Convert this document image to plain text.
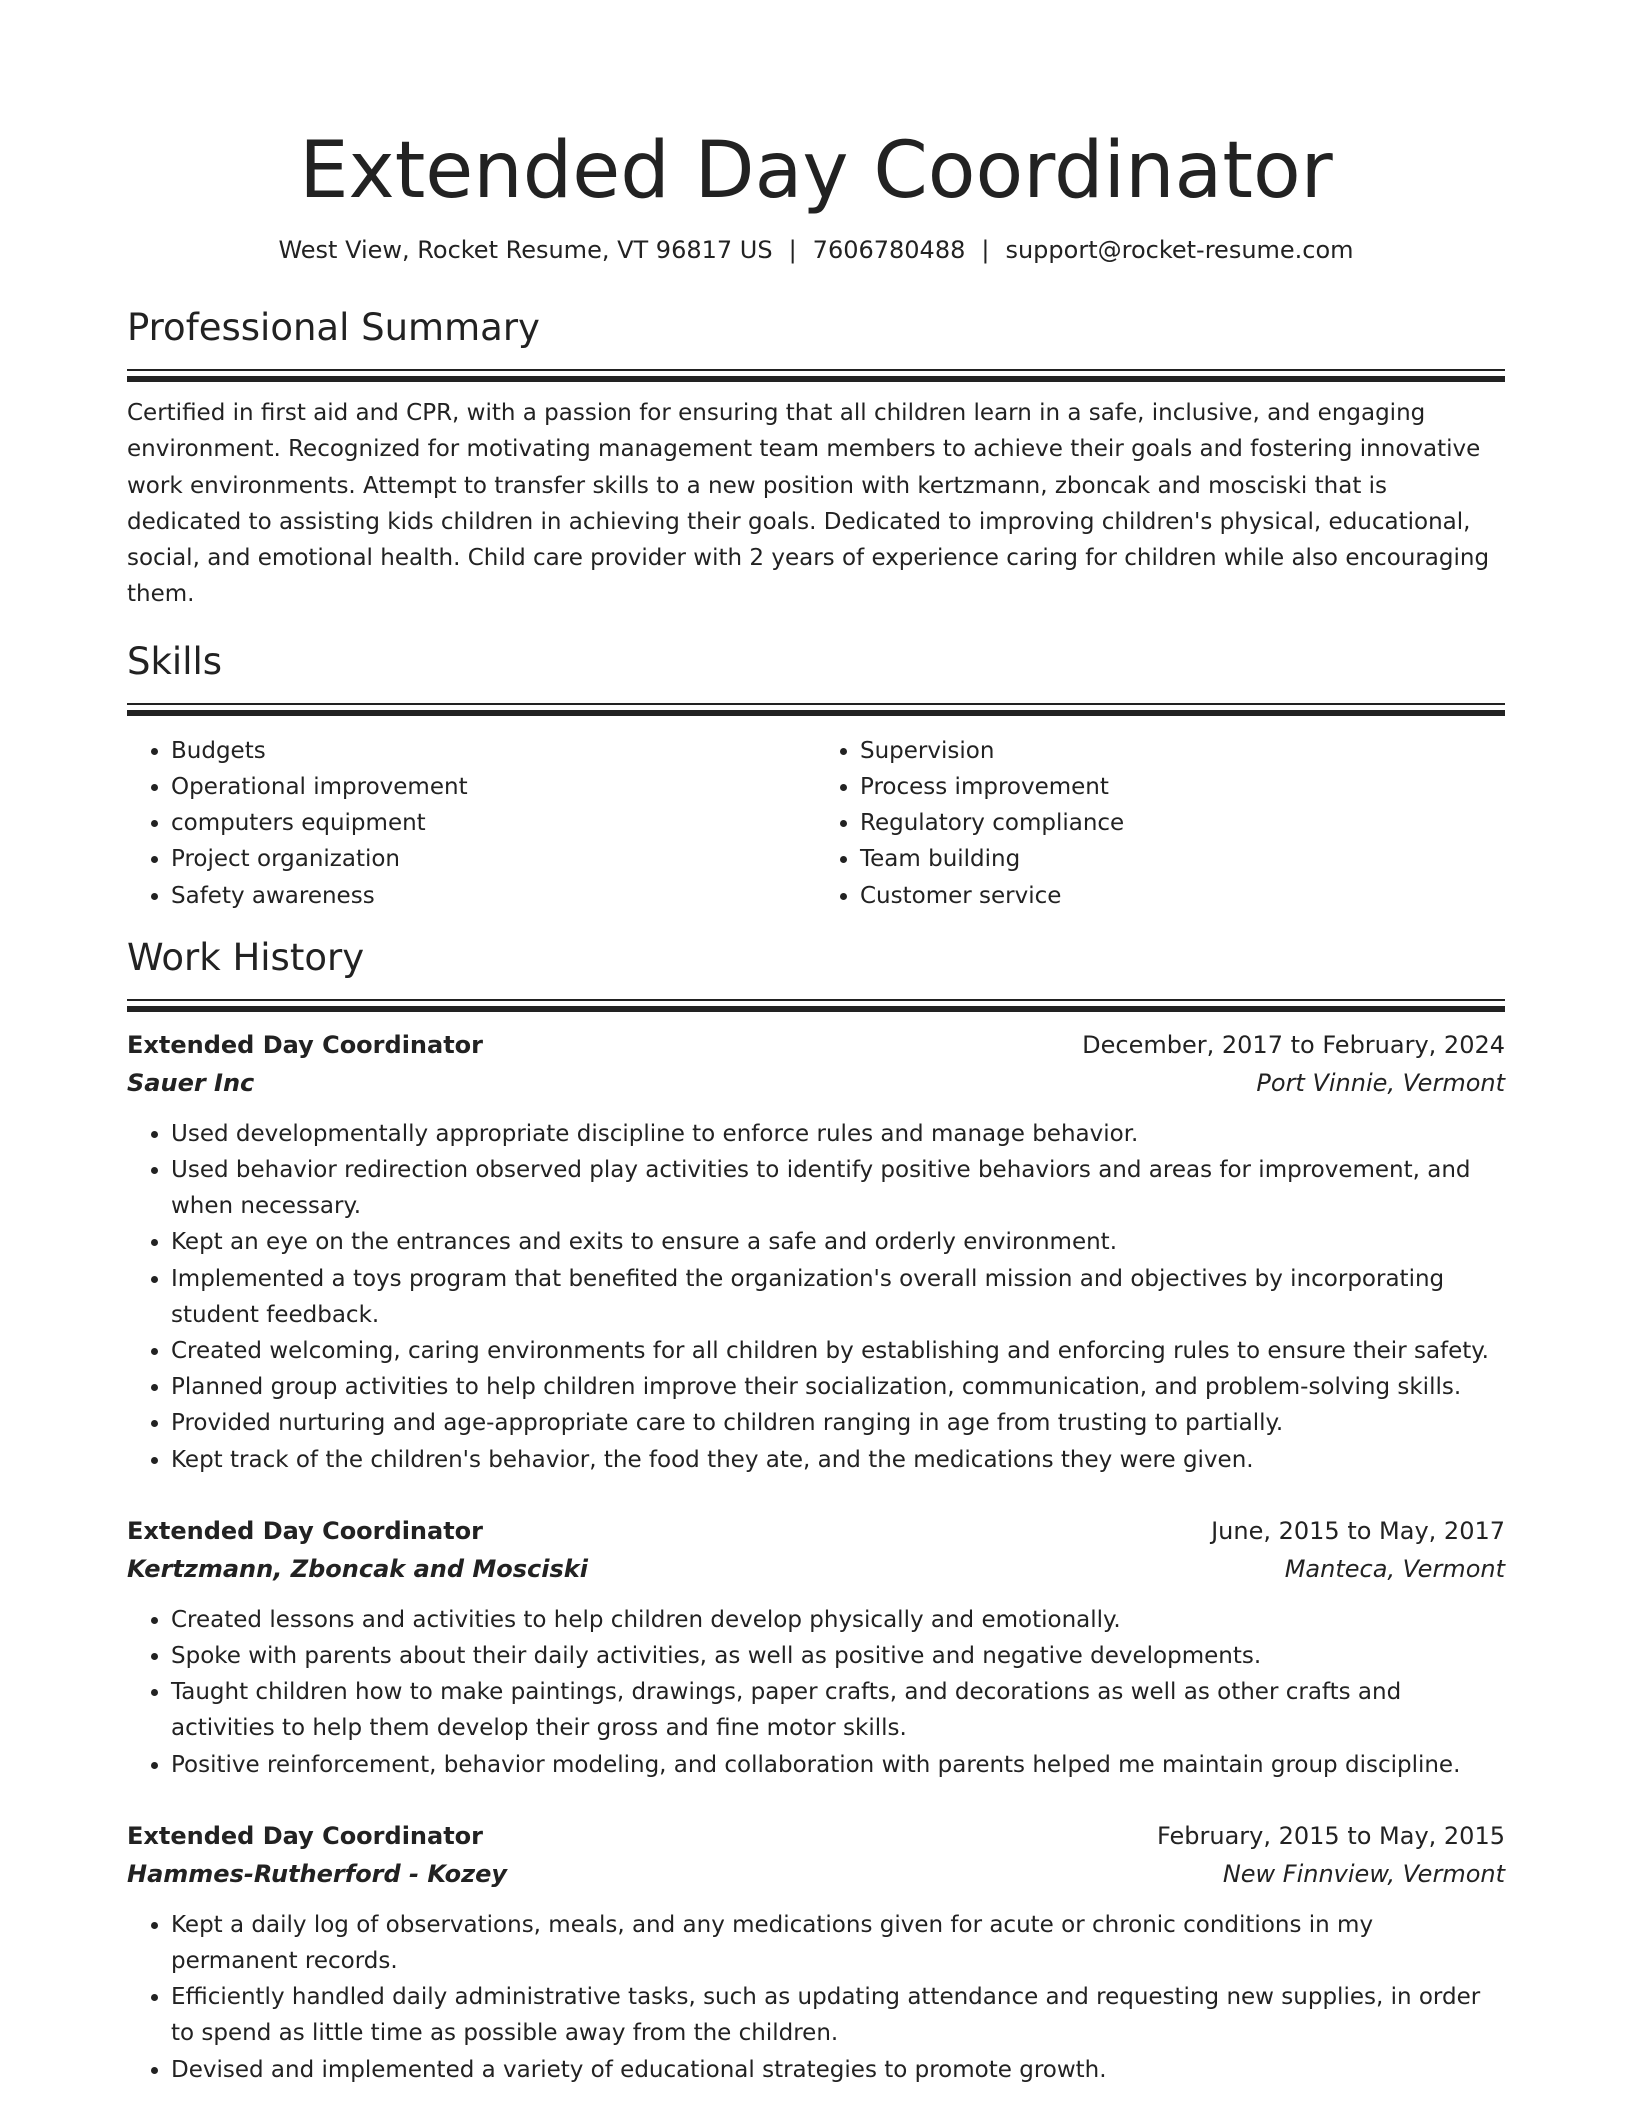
Extended Day Coordinator
West View, Rocket Resume, VT 96817 US | 7606780488 | support@rocket-resume.com
Professional Summary

Certified in first aid and CPR, with a passion for ensuring that all children learn in a safe, inclusive, and engaging environment. Recognized for motivating management team members to achieve their goals and fostering innovative work environments. Attempt to transfer skills to a new position with kertzmann, zboncak and mosciski that is dedicated to assisting kids children in achieving their goals. Dedicated to improving children's physical, educational, social, and emotional health. Child care provider with 2 years of experience caring for children while also encouraging them.

Skills
• Budgets
• Operational improvement
• computers equipment
• Project organization
• Safety awareness
• Supervision
• Process improvement
• Regulatory compliance
• Team building
• Customer service
Work History
Extended Day Coordinator	December, 2017 to February, 2024
Sauer Inc	Port Vinnie, Vermont
• Used developmentally appropriate discipline to enforce rules and manage behavior.
• Used behavior redirection observed play activities to identify positive behaviors and areas for improvement, and when necessary.
• Kept an eye on the entrances and exits to ensure a safe and orderly environment.
• Implemented a toys program that benefited the organization's overall mission and objectives by incorporating student feedback.
• Created welcoming, caring environments for all children by establishing and enforcing rules to ensure their safety.
• Planned group activities to help children improve their socialization, communication, and problem-solving skills.
• Provided nurturing and age-appropriate care to children ranging in age from trusting to partially.
• Kept track of the children's behavior, the food they ate, and the medications they were given.
Extended Day Coordinator	June, 2015 to May, 2017
Kertzmann, Zboncak and Mosciski	Manteca, Vermont
• Created lessons and activities to help children develop physically and emotionally.
• Spoke with parents about their daily activities, as well as positive and negative developments.
• Taught children how to make paintings, drawings, paper crafts, and decorations as well as other crafts and activities to help them develop their gross and fine motor skills.
• Positive reinforcement, behavior modeling, and collaboration with parents helped me maintain group discipline.
Extended Day Coordinator	February, 2015 to May, 2015
Hammes-Rutherford - Kozey	New Finnview, Vermont
• Kept a daily log of observations, meals, and any medications given for acute or chronic conditions in my permanent records.
• Efficiently handled daily administrative tasks, such as updating attendance and requesting new supplies, in order to spend as little time as possible away from the children.
• Devised and implemented a variety of educational strategies to promote growth.
